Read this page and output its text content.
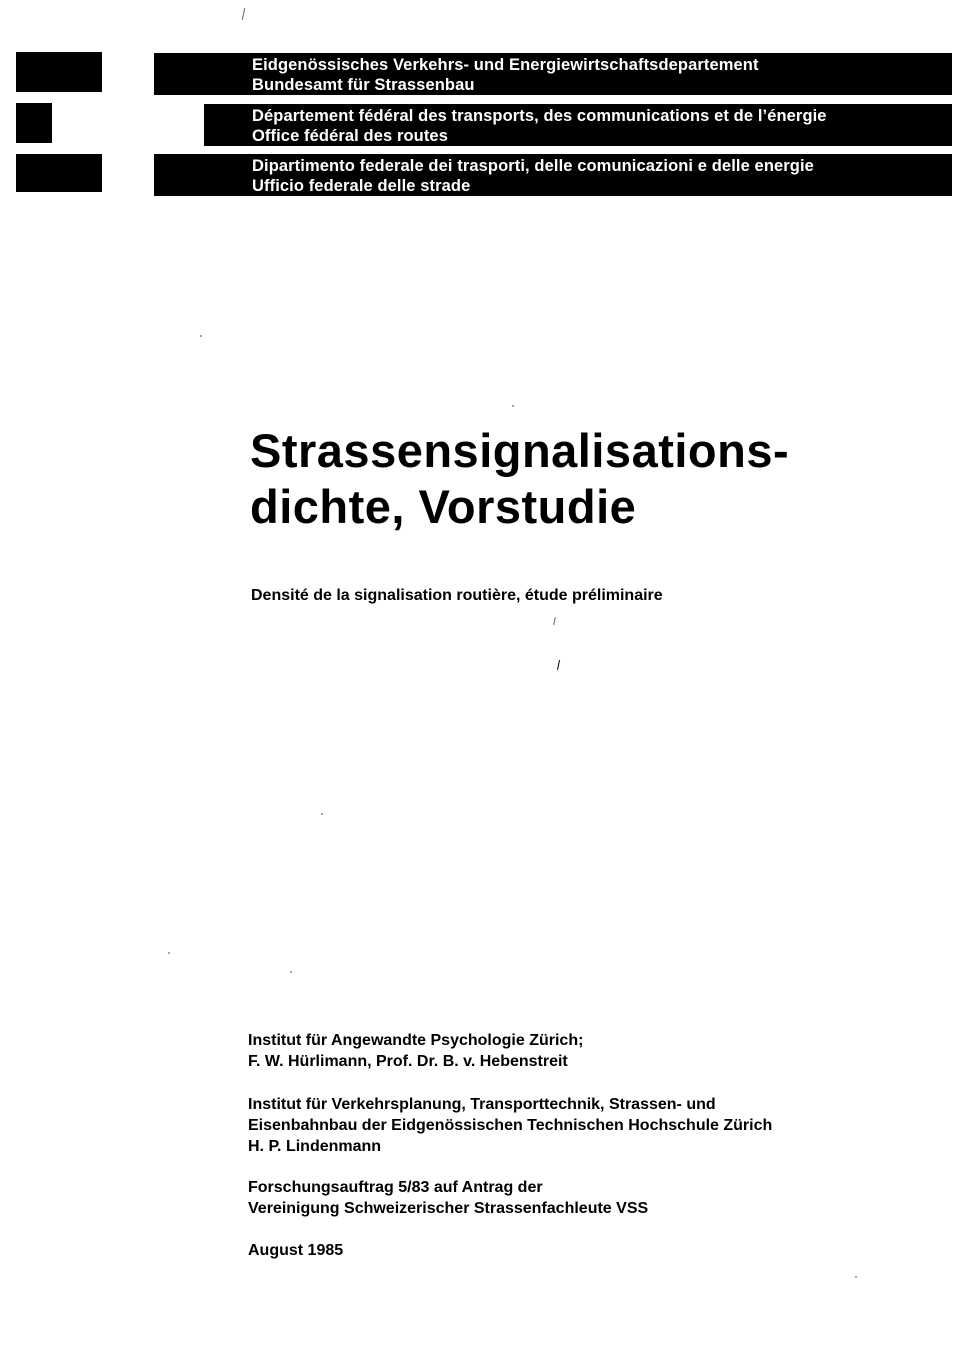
Eidgenössisches Verkehrs- und Energiewirtschaftsdepartement
Bundesamt für Strassenbau
Département fédéral des transports, des communications et de l’énergie
Office fédéral des routes
Dipartimento federale dei trasporti, delle comunicazioni e delle energie
Ufficio federale delle strade
Strassensignalisations-
dichte, Vorstudie

Densité de la signalisation routière, étude préliminaire

Institut für Angewandte Psychologie Zürich;
F. W. Hürlimann, Prof. Dr. B. v. Hebenstreit
Institut für Verkehrsplanung, Transporttechnik, Strassen- und
Eisenbahnbau der Eidgenössischen Technischen Hochschule Zürich
H. P. Lindenmann
Forschungsauftrag 5/83 auf Antrag der
Vereinigung Schweizerischer Strassenfachleute VSS
August 1985
